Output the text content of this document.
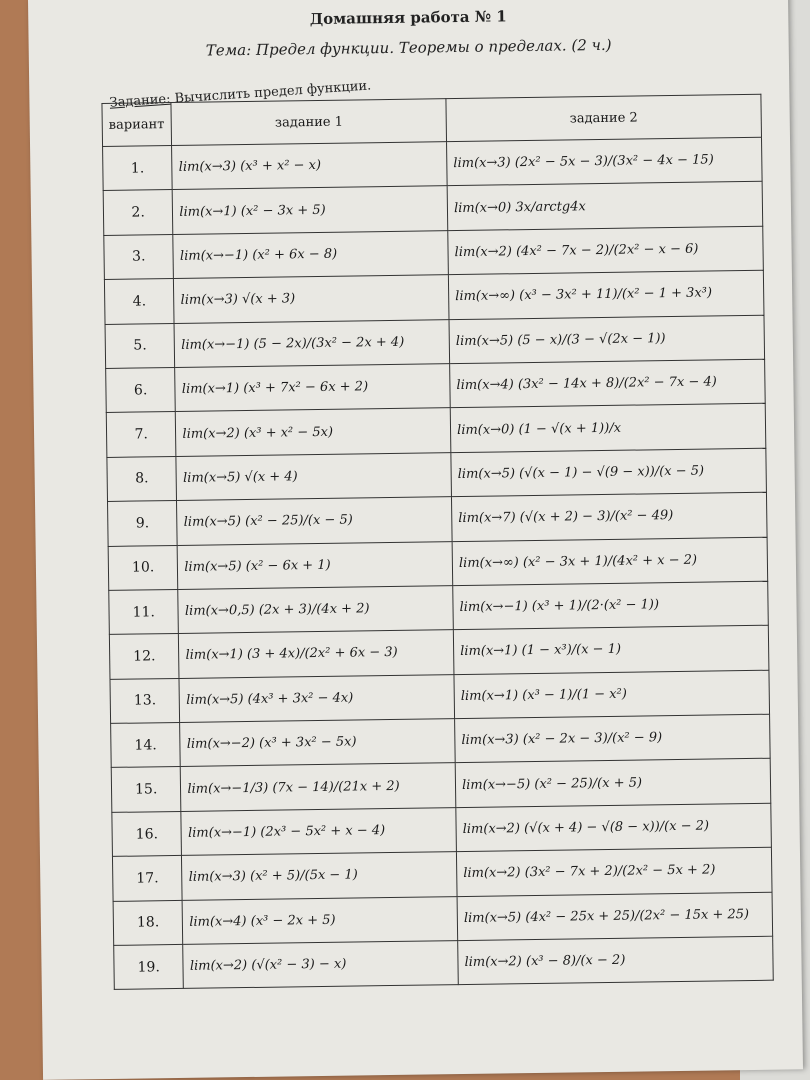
Домашняя работа № 1
Тема: Предел функции. Теоремы о пределах. (2 ч.)
Задание: Вычислить предел функции.
вариант	задание 1	задание 2
1.	lim(x→3) (x³ + x² − x)	lim(x→3) (2x² − 5x − 3)/(3x² − 4x − 15)
2.	lim(x→1) (x² − 3x + 5)	lim(x→0) 3x/arctg4x
3.	lim(x→−1) (x² + 6x − 8)	lim(x→2) (4x² − 7x − 2)/(2x² − x − 6)
4.	lim(x→3) √(x + 3)	lim(x→∞) (x³ − 3x² + 11)/(x² − 1 + 3x³)
5.	lim(x→−1) (5 − 2x)/(3x² − 2x + 4)	lim(x→5) (5 − x)/(3 − √(2x − 1))
6.	lim(x→1) (x³ + 7x² − 6x + 2)	lim(x→4) (3x² − 14x + 8)/(2x² − 7x − 4)
7.	lim(x→2) (x³ + x² − 5x)	lim(x→0) (1 − √(x + 1))/x
8.	lim(x→5) √(x + 4)	lim(x→5) (√(x − 1) − √(9 − x))/(x − 5)
9.	lim(x→5) (x² − 25)/(x − 5)	lim(x→7) (√(x + 2) − 3)/(x² − 49)
10.	lim(x→5) (x² − 6x + 1)	lim(x→∞) (x² − 3x + 1)/(4x² + x − 2)
11.	lim(x→0,5) (2x + 3)/(4x + 2)	lim(x→−1) (x³ + 1)/(2·(x² − 1))
12.	lim(x→1) (3 + 4x)/(2x² + 6x − 3)	lim(x→1) (1 − x³)/(x − 1)
13.	lim(x→5) (4x³ + 3x² − 4x)	lim(x→1) (x³ − 1)/(1 − x²)
14.	lim(x→−2) (x³ + 3x² − 5x)	lim(x→3) (x² − 2x − 3)/(x² − 9)
15.	lim(x→−1/3) (7x − 14)/(21x + 2)	lim(x→−5) (x² − 25)/(x + 5)
16.	lim(x→−1) (2x³ − 5x² + x − 4)	lim(x→2) (√(x + 4) − √(8 − x))/(x − 2)
17.	lim(x→3) (x² + 5)/(5x − 1)	lim(x→2) (3x² − 7x + 2)/(2x² − 5x + 2)
18.	lim(x→4) (x³ − 2x + 5)	lim(x→5) (4x² − 25x + 25)/(2x² − 15x + 25)
19.	lim(x→2) (√(x² − 3) − x)	lim(x→2) (x³ − 8)/(x − 2)
